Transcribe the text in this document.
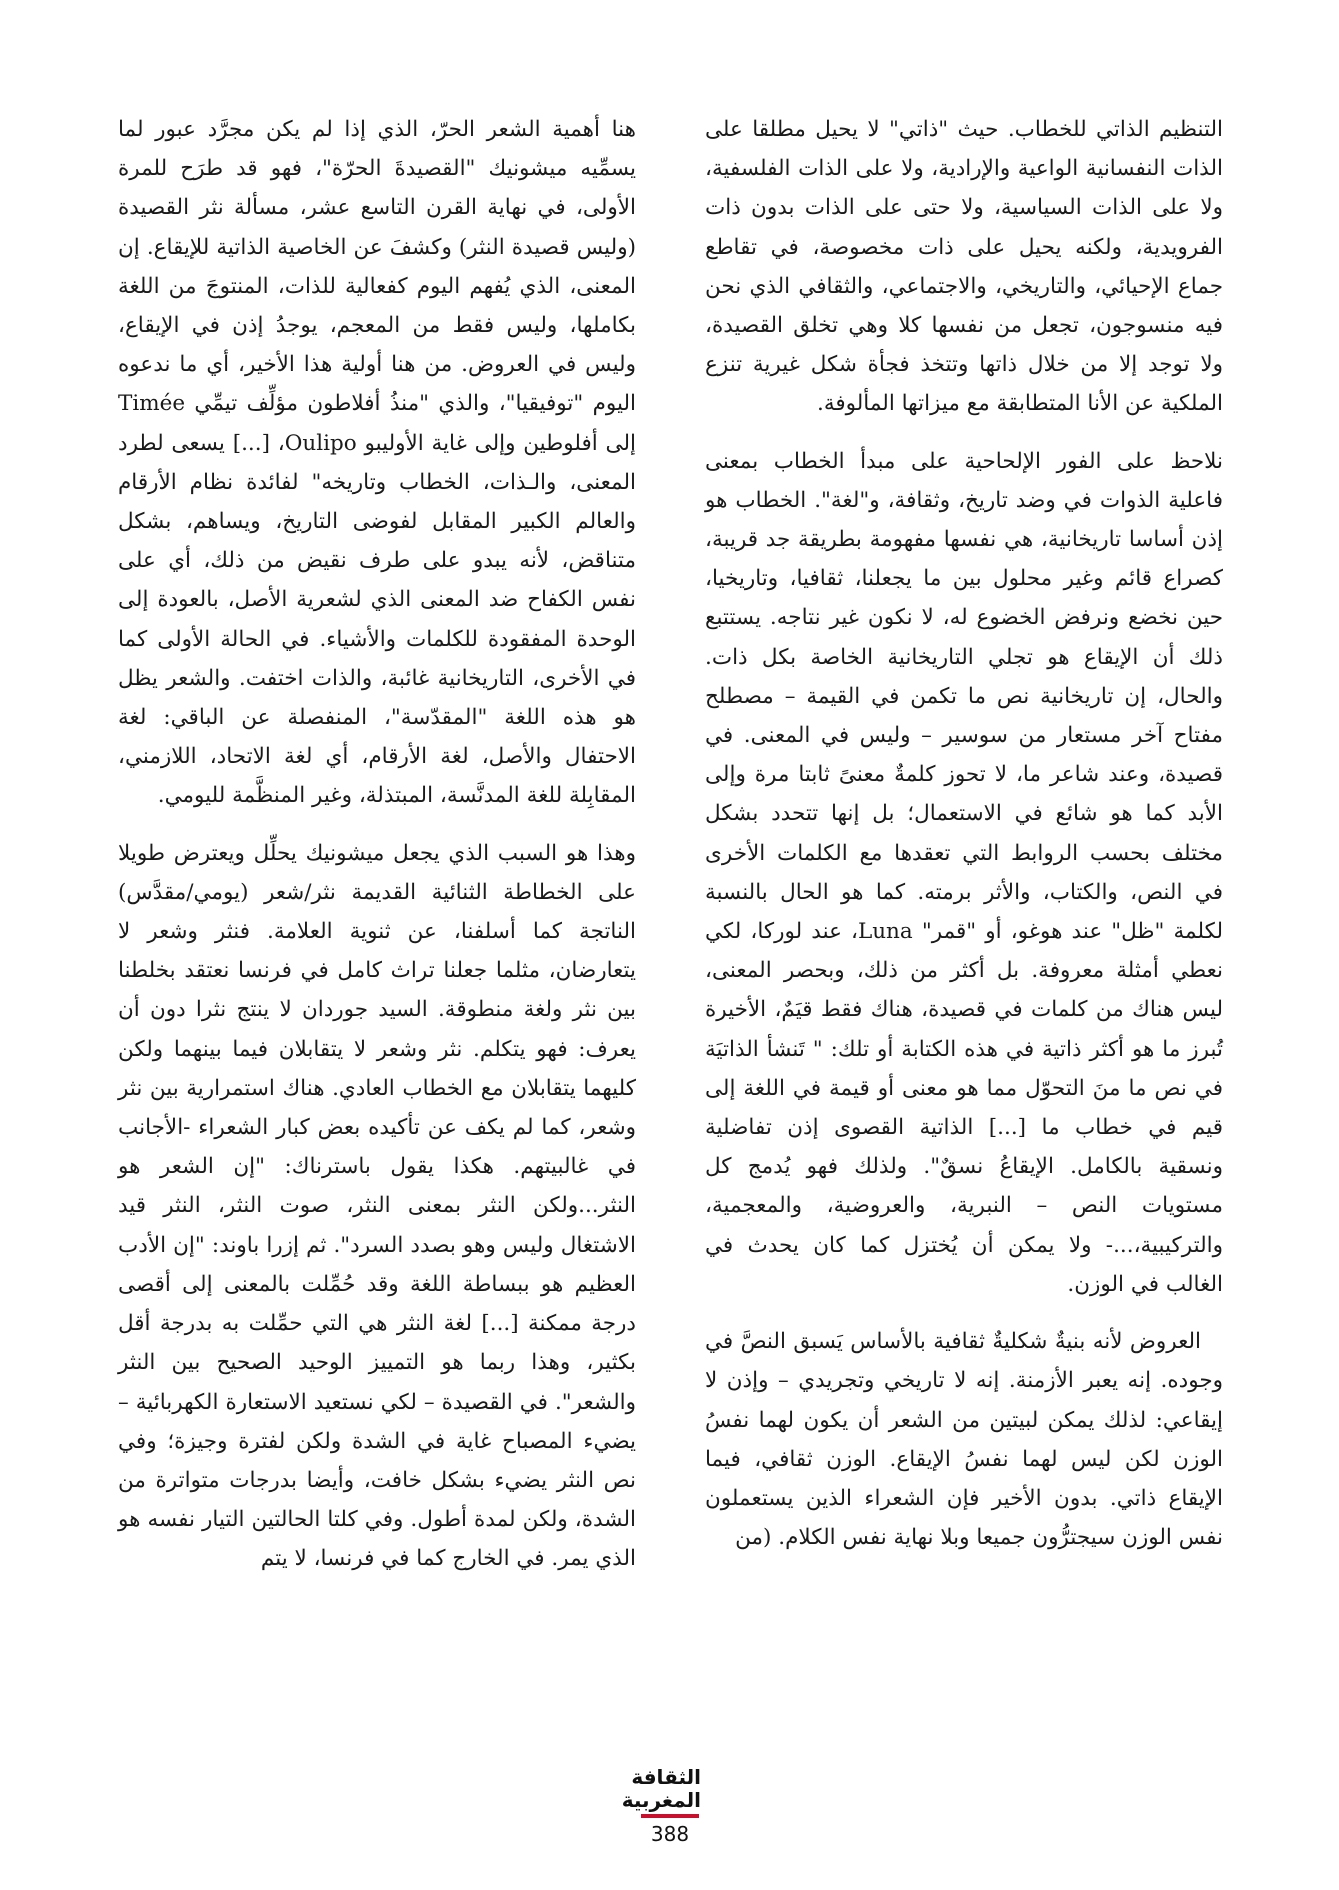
التنظيم الذاتي للخطاب. حيث "ذاتي" لا يحيل مطلقا على الذات النفسانية الواعية والإرادية، ولا على الذات الفلسفية، ولا على الذات السياسية، ولا حتى على الذات بدون ذات الفرويدية، ولكنه يحيل على ذات مخصوصة، في تقاطع جماع الإحيائي، والتاريخي، والاجتماعي، والثقافي الذي نحن فيه منسوجون، تجعل من نفسها كلا وهي تخلق القصيدة، ولا توجد إلا من خلال ذاتها وتتخذ فجأة شكل غيرية تنزع الملكية عن الأنا المتطابقة مع ميزاتها المألوفة.

نلاحظ على الفور الإلحاحية على مبدأ الخطاب بمعنى فاعلية الذوات في وضد تاريخ، وثقافة، و"لغة". الخطاب هو إذن أساسا تاريخانية، هي نفسها مفهومة بطريقة جد قريبة، كصراع قائم وغير محلول بين ما يجعلنا، ثقافيا، وتاريخيا، حين نخضع ونرفض الخضوع له، لا نكون غير نتاجه. يستتبع ذلك أن الإيقاع هو تجلي التاريخانية الخاصة بكل ذات. والحال، إن تاريخانية نص ما تكمن في القيمة – مصطلح مفتاح آخر مستعار من سوسير – وليس في المعنى. في قصيدة، وعند شاعر ما، لا تحوز كلمةٌ معنىً ثابتا مرة وإلى الأبد كما هو شائع في الاستعمال؛ بل إنها تتحدد بشكل مختلف بحسب الروابط التي تعقدها مع الكلمات الأخرى في النص، والكتاب، والأثر برمته. كما هو الحال بالنسبة لكلمة "ظل" عند هوغو، أو "قمر" Luna، عند لوركا، لكي نعطي أمثلة معروفة. بل أكثر من ذلك، وبحصر المعنى، ليس هناك من كلمات في قصيدة، هناك فقط قيَمٌ، الأخيرة تُبرز ما هو أكثر ذاتية في هذه الكتابة أو تلك: " تَنشأ الذاتيَة في نص ما منَ التحوّل مما هو معنى أو قيمة في اللغة إلى قيم في خطاب ما [...] الذاتية القصوى إذن تفاضلية ونسقية بالكامل. الإيقاعُ نسقٌ". ولذلك فهو يُدمج كل مستويات النص – النبرية، والعروضية، والمعجمية، والتركيبية،...- ولا يمكن أن يُختزل كما كان يحدث في الغالب في الوزن.

العروض لأنه بنيةٌ شكليةٌ ثقافية بالأساس يَسبق النصَّ في وجوده. إنه يعبر الأزمنة. إنه لا تاريخي وتجريدي – وإذن لا إيقاعي: لذلك يمكن لبيتين من الشعر أن يكون لهما نفسُ الوزن لكن ليس لهما نفسُ الإيقاع. الوزن ثقافي، فيما الإيقاع ذاتي. بدون الأخير فإن الشعراء الذين يستعملون نفس الوزن سيجترُّون جميعا وبلا نهاية نفس الكلام. (من

هنا أهمية الشعر الحرّ، الذي إذا لم يكن مجرَّد عبور لما يسمِّيه ميشونيك "القصيدةَ الحرّة"، فهو قد طرَح للمرة الأولى، في نهاية القرن التاسع عشر، مسألة نثر القصيدة (وليس قصيدة النثر) وكشفَ عن الخاصية الذاتية للإيقاع. إن المعنى، الذي يُفهم اليوم كفعالية للذات، المنتوجَ من اللغة بكاملها، وليس فقط من المعجم، يوجدُ إذن في الإيقاع، وليس في العروض. من هنا أولية هذا الأخير، أي ما ندعوه اليوم "توفيقيا"، والذي "منذُ أفلاطون مؤلِّف تيمِّي Timée إلى أفلوطين وإلى غاية الأوليبو Oulipo، [...] يسعى لطرد المعنى، والـذات، الخطاب وتاريخه" لفائدة نظام الأرقام والعالم الكبير المقابل لفوضى التاريخ، ويساهم، بشكل متناقض، لأنه يبدو على طرف نقيض من ذلك، أي على نفس الكفاح ضد المعنى الذي لشعرية الأصل، بالعودة إلى الوحدة المفقودة للكلمات والأشياء. في الحالة الأولى كما في الأخرى، التاريخانية غائبة، والذات اختفت. والشعر يظل هو هذه اللغة "المقدّسة"، المنفصلة عن الباقي: لغة الاحتفال والأصل، لغة الأرقام، أي لغة الاتحاد، اللازمني، المقابِلة للغة المدنَّسة، المبتذلة، وغير المنظَّمة لليومي.

وهذا هو السبب الذي يجعل ميشونيك يحلِّل ويعترض طويلا على الخطاطة الثنائية القديمة نثر/شعر (يومي/مقدَّس) الناتجة كما أسلفنا، عن ثنوية العلامة. فنثر وشعر لا يتعارضان، مثلما جعلنا تراث كامل في فرنسا نعتقد بخلطنا بين نثر ولغة منطوقة. السيد جوردان لا ينتج نثرا دون أن يعرف: فهو يتكلم. نثر وشعر لا يتقابلان فيما بينهما ولكن كليهما يتقابلان مع الخطاب العادي. هناك استمرارية بين نثر وشعر، كما لم يكف عن تأكيده بعض كبار الشعراء -الأجانب في غالبيتهم. هكذا يقول باسترناك: "إن الشعر هو النثر...ولكن النثر بمعنى النثر، صوت النثر، النثر قيد الاشتغال وليس وهو بصدد السرد". ثم إزرا باوند: "إن الأدب العظيم هو ببساطة اللغة وقد حُمِّلت بالمعنى إلى أقصى درجة ممكنة [...] لغة النثر هي التي حمِّلت به بدرجة أقل بكثير، وهذا ربما هو التمييز الوحيد الصحيح بين النثر والشعر". في القصيدة – لكي نستعيد الاستعارة الكهربائية – يضيء المصباح غاية في الشدة ولكن لفترة وجيزة؛ وفي نص النثر يضيء بشكل خافت، وأيضا بدرجات متواترة من الشدة، ولكن لمدة أطول. وفي كلتا الحالتين التيار نفسه هو الذي يمر. في الخارج كما في فرنسا، لا يتم

الثقافة
المغربية
388
